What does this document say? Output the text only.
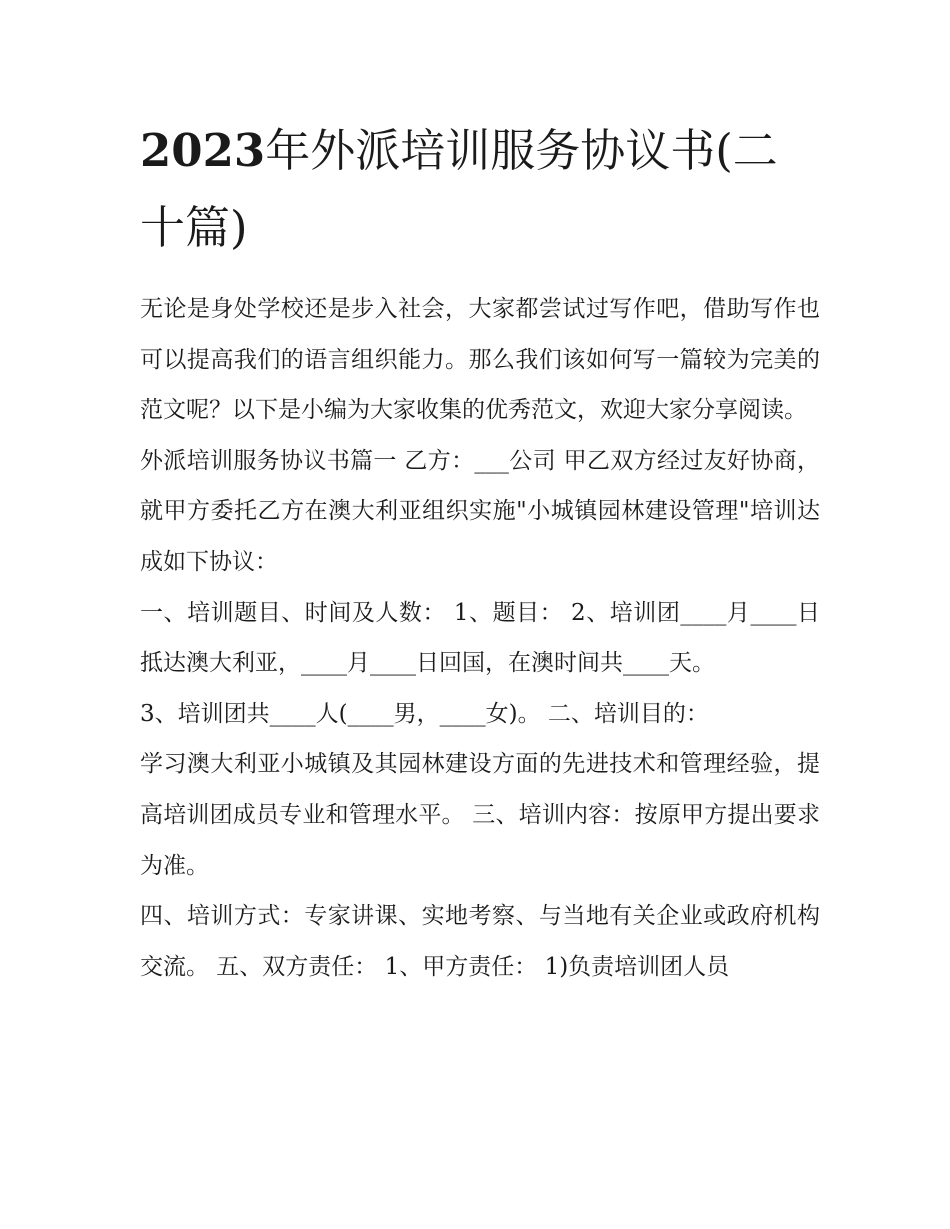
2023年外派培训服务协议书(二十篇)

无论是身处学校还是步入社会，大家都尝试过写作吧，借助写作也可以提高我们的语言组织能力。那么我们该如何写一篇较为完美的范文呢？以下是小编为大家收集的优秀范文，欢迎大家分享阅读。

外派培训服务协议书篇一 乙方：___公司 甲乙双方经过友好协商，就甲方委托乙方在澳大利亚组织实施"小城镇园林建设管理"培训达成如下协议：

一、培训题目、时间及人数： 1、题目： 2、培训团____月____日抵达澳大利亚，____月____日回国，在澳时间共____天。

3、培训团共____人(____男，____女)。 二、培训目的：

学习澳大利亚小城镇及其园林建设方面的先进技术和管理经验，提高培训团成员专业和管理水平。 三、培训内容：按原甲方提出要求为准。

四、培训方式：专家讲课、实地考察、与当地有关企业或政府机构交流。 五、双方责任： 1、甲方责任： 1)负责培训团人员
